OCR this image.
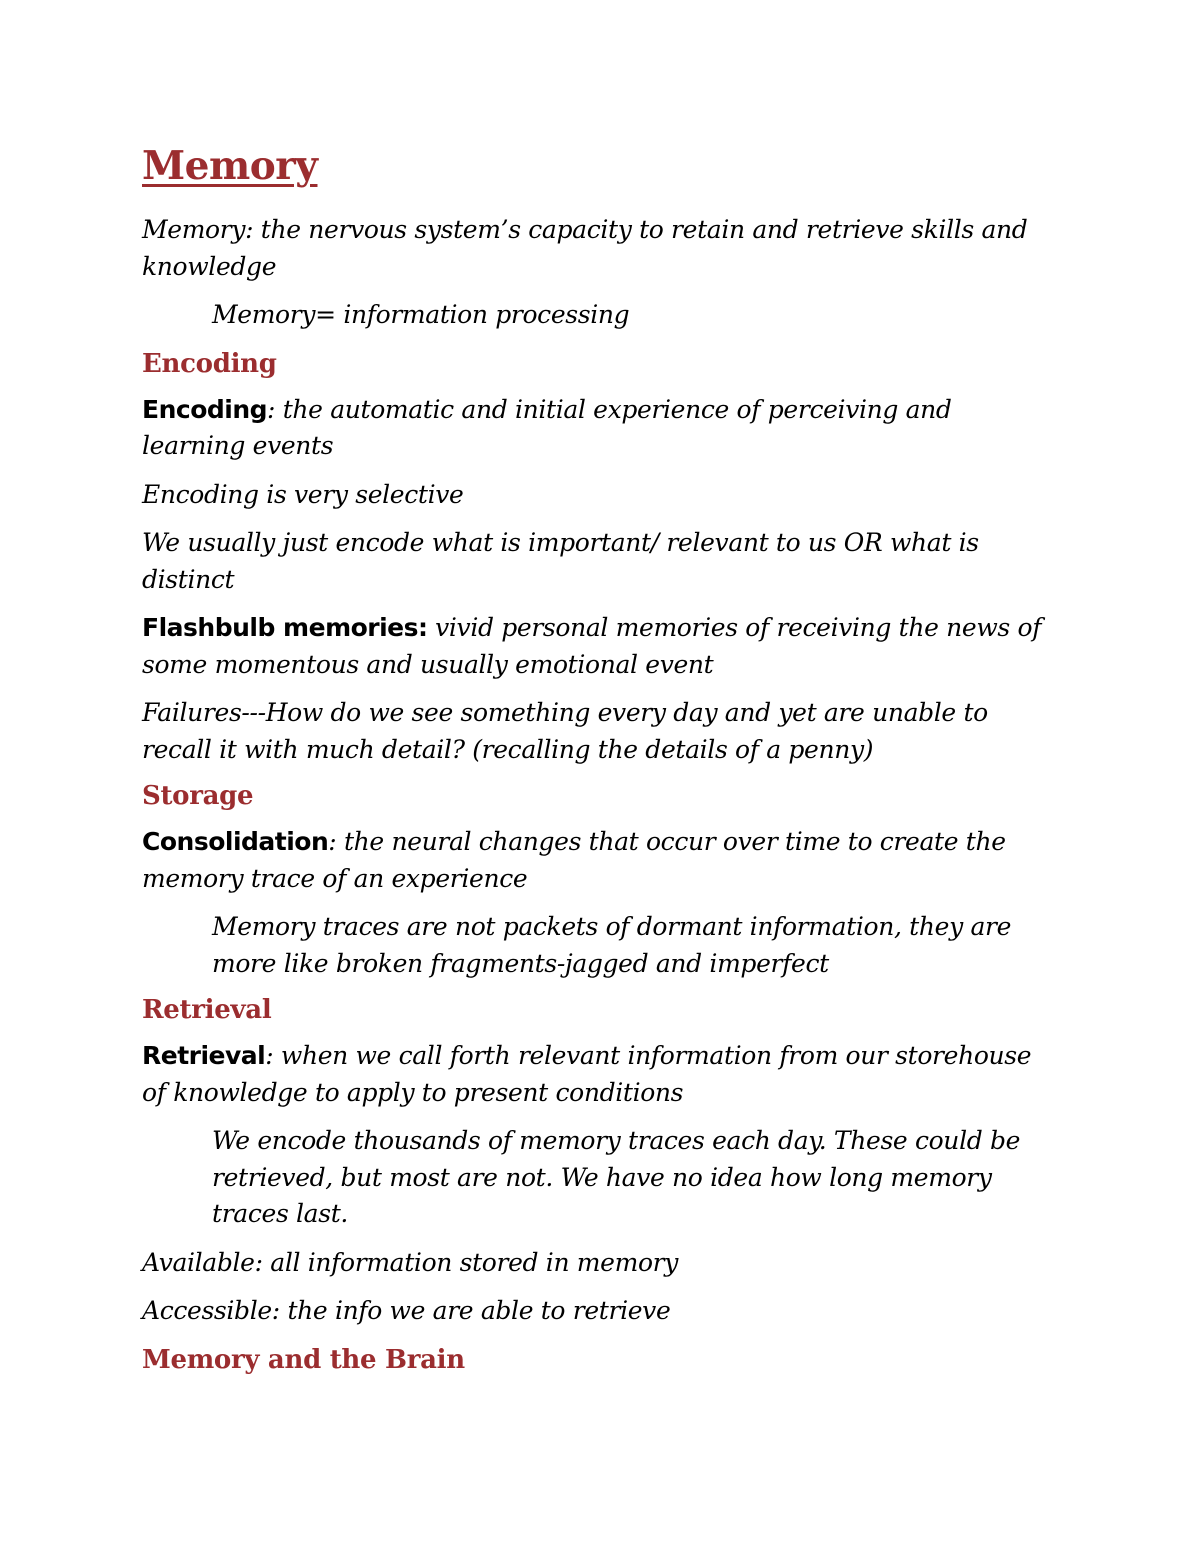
Memory

Memory: the nervous system’s capacity to retain and retrieve skills and knowledge

Memory= information processing

Encoding

Encoding: the automatic and initial experience of perceiving and learning events

Encoding is very selective

We usually just encode what is important/ relevant to us OR what is distinct

Flashbulb memories: vivid personal memories of receiving the news of some momentous and usually emotional event

Failures---How do we see something every day and yet are unable to recall it with much detail? (recalling the details of a penny)

Storage

Consolidation: the neural changes that occur over time to create the memory trace of an experience

Memory traces are not packets of dormant information, they are more like broken fragments-jagged and imperfect

Retrieval

Retrieval: when we call forth relevant information from our storehouse of knowledge to apply to present conditions

We encode thousands of memory traces each day. These could be retrieved, but most are not. We have no idea how long memory traces last.

Available: all information stored in memory

Accessible: the info we are able to retrieve

Memory and the Brain
